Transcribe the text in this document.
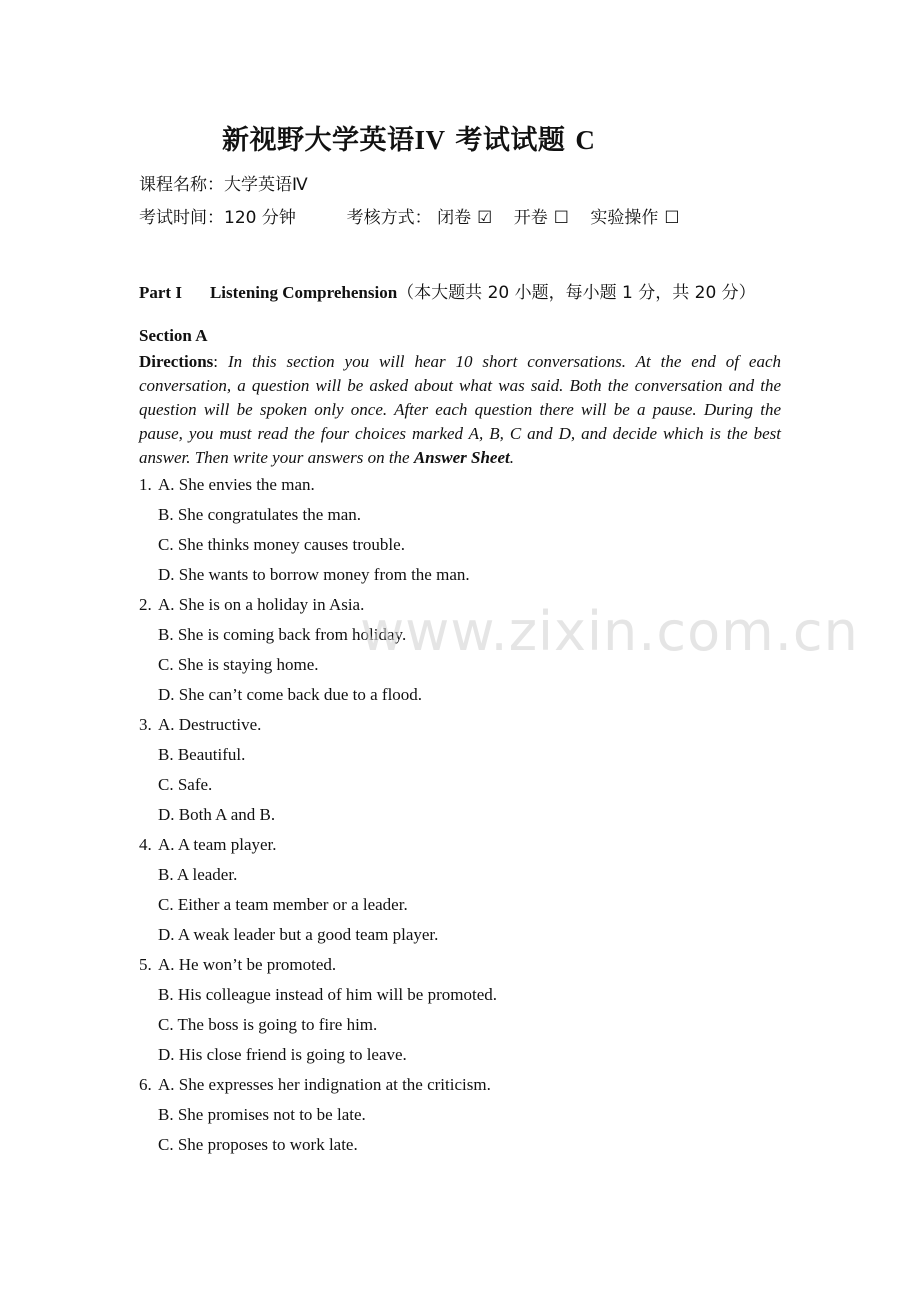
新视野大学英语IV 考试试题 C
课程名称：大学英语Ⅳ
考试时间：120 分钟	考核方式： 闭卷 ☑ 开卷 ☐ 实验操作 ☐
Part I Listening Comprehension（本大题共 20 小题，每小题 1 分，共 20 分）
Section A
Directions: In this section you will hear 10 short conversations. At the end of each conversation, a question will be asked about what was said. Both the conversation and the question will be spoken only once. After each question there will be a pause. During the pause, you must read the four choices marked A, B, C and D, and decide which is the best answer. Then write your answers on the Answer Sheet.
1. A. She envies the man.
B. She congratulates the man.
C. She thinks money causes trouble.
D. She wants to borrow money from the man.
2. A. She is on a holiday in Asia.
B. She is coming back from holiday.
C. She is staying home.
D. She can’t come back due to a flood.
3. A. Destructive.
B. Beautiful.
C. Safe.
D. Both A and B.
4. A. A team player.
B. A leader.
C. Either a team member or a leader.
D. A weak leader but a good team player.
5. A. He won’t be promoted.
B. His colleague instead of him will be promoted.
C. The boss is going to fire him.
D. His close friend is going to leave.
6. A. She expresses her indignation at the criticism.
B. She promises not to be late.
C. She proposes to work late.
www.zixin.com.cn
